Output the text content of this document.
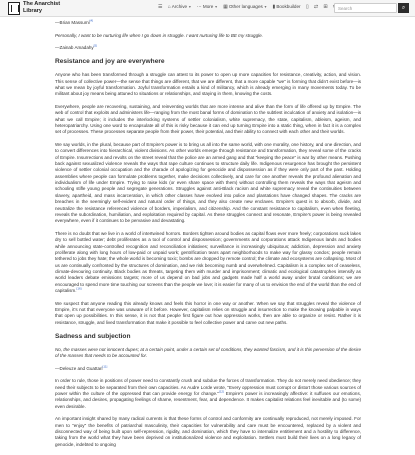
The Anarchist
Library
☰ ⌂Archive▼ ⋯More▼ ▦Other languages▼ ▮Bookbuilder ▯ ⇄ ⊞
Search	⌕

—Brian Massumi[4]

Personally, I want to be nurturing life when I go down in struggle. I want nurturing life to BE my struggle.

—Zainab Amadahy[5]

Resistance and joy are everywhere

Anyone who has been transformed through a struggle can attest to its power to open up more capacities for resistance, creativity, action, and vision. This sense of collective power—the sense that things are different, that we are different, that a more capable "we" is forming that didn't exist before—is what we mean by joyful transformation. Joyful transformation entails a kind of militancy, which is already emerging in many movements today. To be militant about joy means being attuned to situations or relationships, and staying in them, knowing the costs.

Everywhere, people are recovering, sustaining, and reinventing worlds that are more intense and alive than the form of life offered up by Empire. The web of control that exploits and administers life—ranging from the most banal forms of domination to the subtlest inculcation of anxiety and isolation—is what we call Empire; it includes the interlocking systems of settler colonialism, white supremacy, the state, capitalism, ableism, ageism, and heteropatriarchy. Using one word to encapsulate all of this is risky because it can end up turning Empire into a static thing, when in fact it is a complex set of processes. These processes separate people from their power, their potential, and their ability to connect with each other and their worlds.

We say worlds, in the plural, because part of Empire's power is to bring us all into the same world, with one morality, one history, and one direction, and to convert differences into hierarchical, violent divisions. As other worlds emerge through resistance and transformation, they reveal some of the cracks of Empire. Insurrections and revolts on the street reveal that the police are an armed gang and that "keeping the peace" is war by other means. Pushing back against sexualized violence reveals the ways that rape culture continues to structure daily life. Indigenous resurgence has brought the persistent violence of settler colonial occupation and the charade of apologizing for genocide and dispossession as if they were only part of the past. Holding assemblies where people can formulate problems together, make decisions collectively, and care for one another reveals the profound alienation and individualism of life under Empire. Trying to raise kids (or even share space with them) without controlling them reveals the ways that ageism and schooling stifle young people and segregate generations. Struggles against anti-Black racism and white supremacy reveal the continuities between slavery, apartheid, and mass incarceration, in which other classes have evolved into police and plantations have changed shapes. The cracks are breaches in the seemingly self-evident and natural order of things, and they also create new enclaves. Empire's quest is to absorb, divide, and neutralize the resistance referenced violence of borders, imperialism, and citizenship. And the constant resistance to capitalism, even when fleeting, reveals the subordination, humiliation, and exploitation required by capital. As these struggles connect and resonate, Empire's power is being revealed everywhere, even if it continues to be pervasive and devastating.

There is no doubt that we live in a world of intertwined horrors. Borders tighten around bodies as capital flows ever more freely; corporations suck lakes dry to sell bottled water; debt proliferates as a tool of control and dispossession; governments and corporations attack Indigenous lands and bodies while announcing state-controlled recognition and reconciliation initiatives; surveillance is increasingly ubiquitous; addiction, depression and anxiety proliferate along with long hours of low-paid or unpaid work; gentrification tears apart neighborhoods to make way for glassy condos; people remain tethered to jobs they hate; the whole world is becoming toxic; bombs are dropped by remote control; the climate and ecosystems are collapsing. Most of us are continually confronted by the structures of domination, and we risk becoming numb and overwhelmed. Capitalism is a complex set of ceaseless, climate-devouring continuity. Black bodies as threats, targeting them with murder and imprisonment; climatic and ecological catastrophes intensify as world leaders debate emissions targets; more of us depend on bad jobs and gadgets made half a world away under brutal conditions; we are encouraged to spend more time touching our screens than the people we love; it is easier for many of us to envision the end of the world than the end of capitalism.[16]

We suspect that anyone reading this already knows and feels this horror in one way or another. When we say that struggles reveal the violence of Empire, it's not that everyone was unaware of it before. However, capitalism relies on struggle and insurrection to make the knowing palpable in ways that open up possibilities. In this sense, it is not that people first figure out how oppression works, then are able to organize or resist. Rather it is resistance, struggle, and lived transformation that make it possible to feel collective power and carve out new paths.

Sadness and subjection

No, the masses were not innocent dupes; at a certain point, under a certain set of conditions, they wanted fascism, and it is this perversion of the desire of the masses that needs to be accounted for.

—Deleuze and Guattari[11]

In order to rule, those in positions of power need to constantly crush and subdue the forces of transformation. They do not merely need obedience; they need their subjects to be separated from their own capacities. As Audre Lorde wrote, "Every oppression must corrupt or distort those various sources of power within the culture of the oppressed that can provide energy for change."[12] Empire's power is increasingly affective: it suffuses our emotions, relationships, and desires, propagating feelings of shame, resentment, fear, and dependence. It makes capitalist relations feel inevitable and (to some) even desirable.

An important insight shared by many radical currents is that these forms of control and conformity are continually reproduced, not merely imposed. For men to "enjoy" the benefits of patriarchal masculinity, their capacities for vulnerability and care must be encountered, replaced by a violent and disconnected way of being built upon self-repression, rigidity, and domination, which they have to internalize entitlement and a hostility to difference, taking from the world what they have been deprived on institutionalized violence and exploitation. Settlers must build their lives on a long legacy of genocide, indebted to ongoing
